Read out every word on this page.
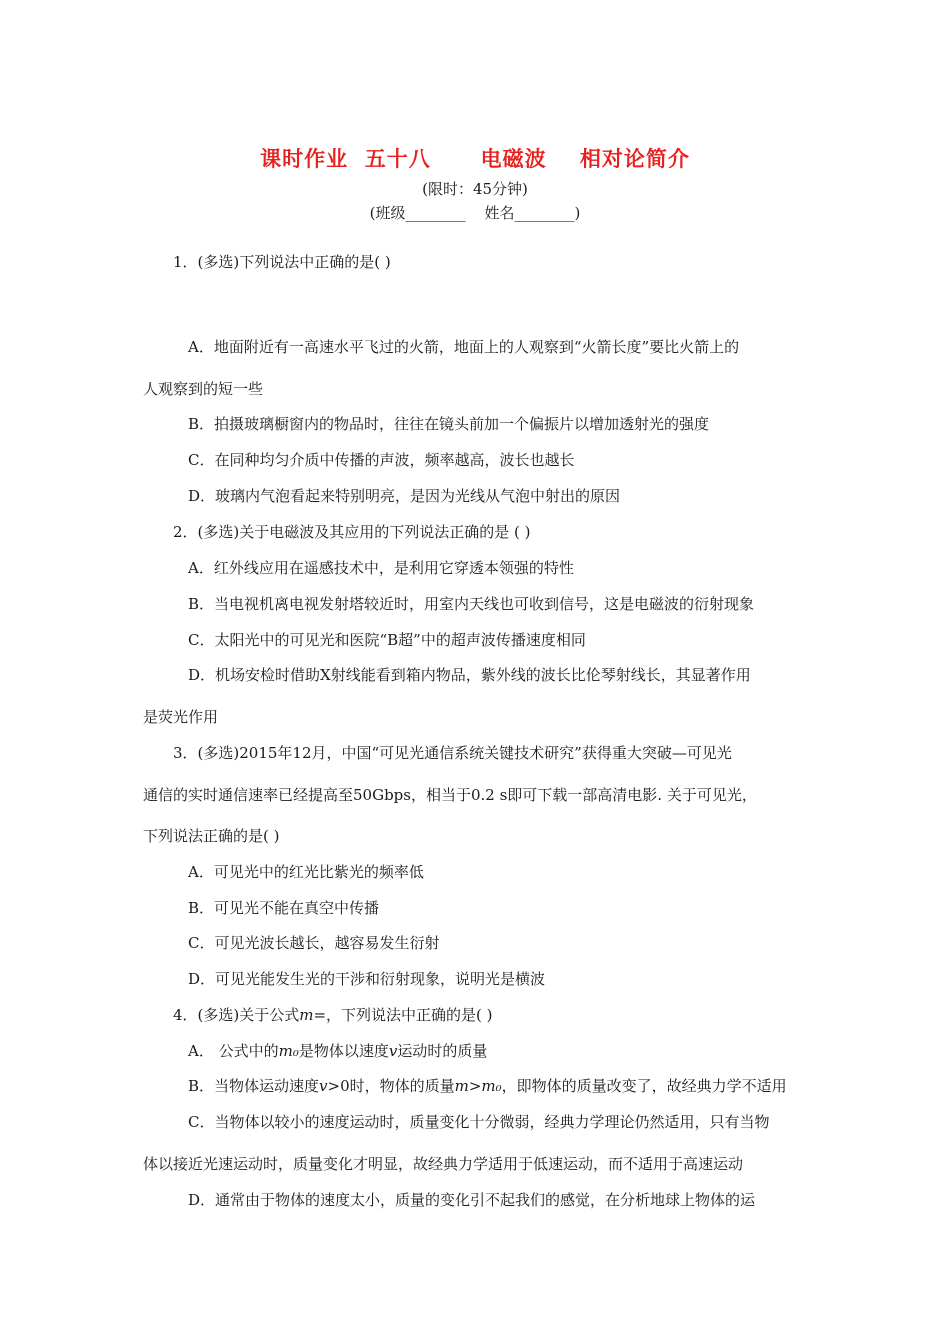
课时作业  五十八      电磁波    相对论简介
(限时：45分钟)
(班级________    姓名________)
1．(多选)下列说法中正确的是( )
A．地面附近有一高速水平飞过的火箭，地面上的人观察到“火箭长度”要比火箭上的
人观察到的短一些
B．拍摄玻璃橱窗内的物品时，往往在镜头前加一个偏振片以增加透射光的强度
C．在同种均匀介质中传播的声波，频率越高，波长也越长
D．玻璃内气泡看起来特别明亮，是因为光线从气泡中射出的原因
2．(多选)关于电磁波及其应用的下列说法正确的是 ( )
A．红外线应用在遥感技术中，是利用它穿透本领强的特性
B．当电视机离电视发射塔较近时，用室内天线也可收到信号，这是电磁波的衍射现象
C．太阳光中的可见光和医院“B超”中的超声波传播速度相同
D．机场安检时借助X射线能看到箱内物品，紫外线的波长比伦琴射线长，其显著作用
是荧光作用
3．(多选)2015年12月，中国“可见光通信系统关键技术研究”获得重大突破—可见光
通信的实时通信速率已经提高至50Gbps，相当于0.2 s即可下载一部高清电影. 关于可见光，
下列说法正确的是( )
A．可见光中的红光比紫光的频率低
B．可见光不能在真空中传播
C．可见光波长越长，越容易发生衍射
D．可见光能发生光的干涉和衍射现象，说明光是横波
4．(多选)关于公式m=，下列说法中正确的是( )
A． 公式中的m₀是物体以速度v运动时的质量
B．当物体运动速度v>0时，物体的质量m>m₀，即物体的质量改变了，故经典力学不适用
C．当物体以较小的速度运动时，质量变化十分微弱，经典力学理论仍然适用，只有当物
体以接近光速运动时，质量变化才明显，故经典力学适用于低速运动，而不适用于高速运动
D．通常由于物体的速度太小，质量的变化引不起我们的感觉，在分析地球上物体的运
